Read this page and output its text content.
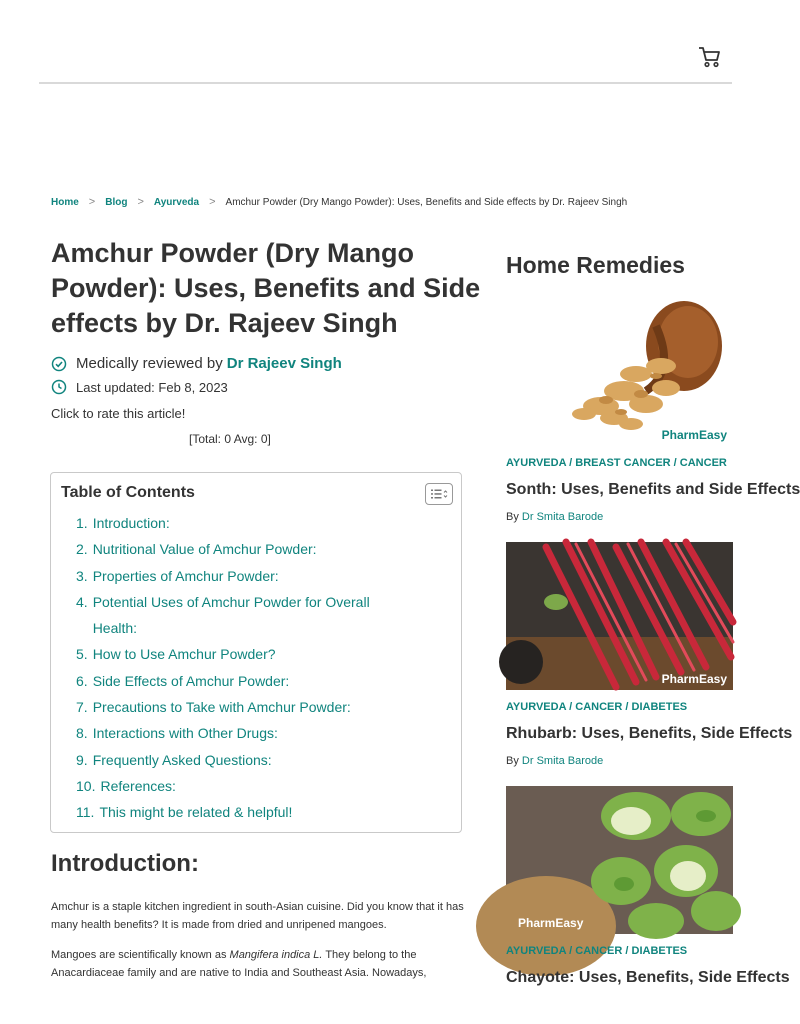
Home > Blog > Ayurveda > Amchur Powder (Dry Mango Powder): Uses, Benefits and Side effects by Dr. Rajeev Singh
Amchur Powder (Dry Mango Powder): Uses, Benefits and Side effects by Dr. Rajeev Singh
Medically reviewed by Dr Rajeev Singh
Last updated: Feb 8, 2023
Click to rate this article!
[Total: 0 Avg: 0]
Table of Contents
1. Introduction:
2. Nutritional Value of Amchur Powder:
3. Properties of Amchur Powder:
4. Potential Uses of Amchur Powder for Overall Health:
5. How to Use Amchur Powder?
6. Side Effects of Amchur Powder:
7. Precautions to Take with Amchur Powder:
8. Interactions with Other Drugs:
9. Frequently Asked Questions:
10. References:
11. This might be related & helpful!
Introduction:

Amchur is a staple kitchen ingredient in south-Asian cuisine. Did you know that it has many health benefits? It is made from dried and unripened mangoes.

Mangoes are scientifically known as Mangifera indica L. They belong to the Anacardiaceae family and are native to India and Southeast Asia. Nowadays,

Home Remedies
PharmEasy
AYURVEDA / BREAST CANCER / CANCER
Sonth: Uses, Benefits and Side Effects
By Dr Smita Barode
PharmEasy
AYURVEDA / CANCER / DIABETES
Rhubarb: Uses, Benefits, Side Effects
By Dr Smita Barode
PharmEasy
AYURVEDA / CANCER / DIABETES
Chayote: Uses, Benefits, Side Effects
